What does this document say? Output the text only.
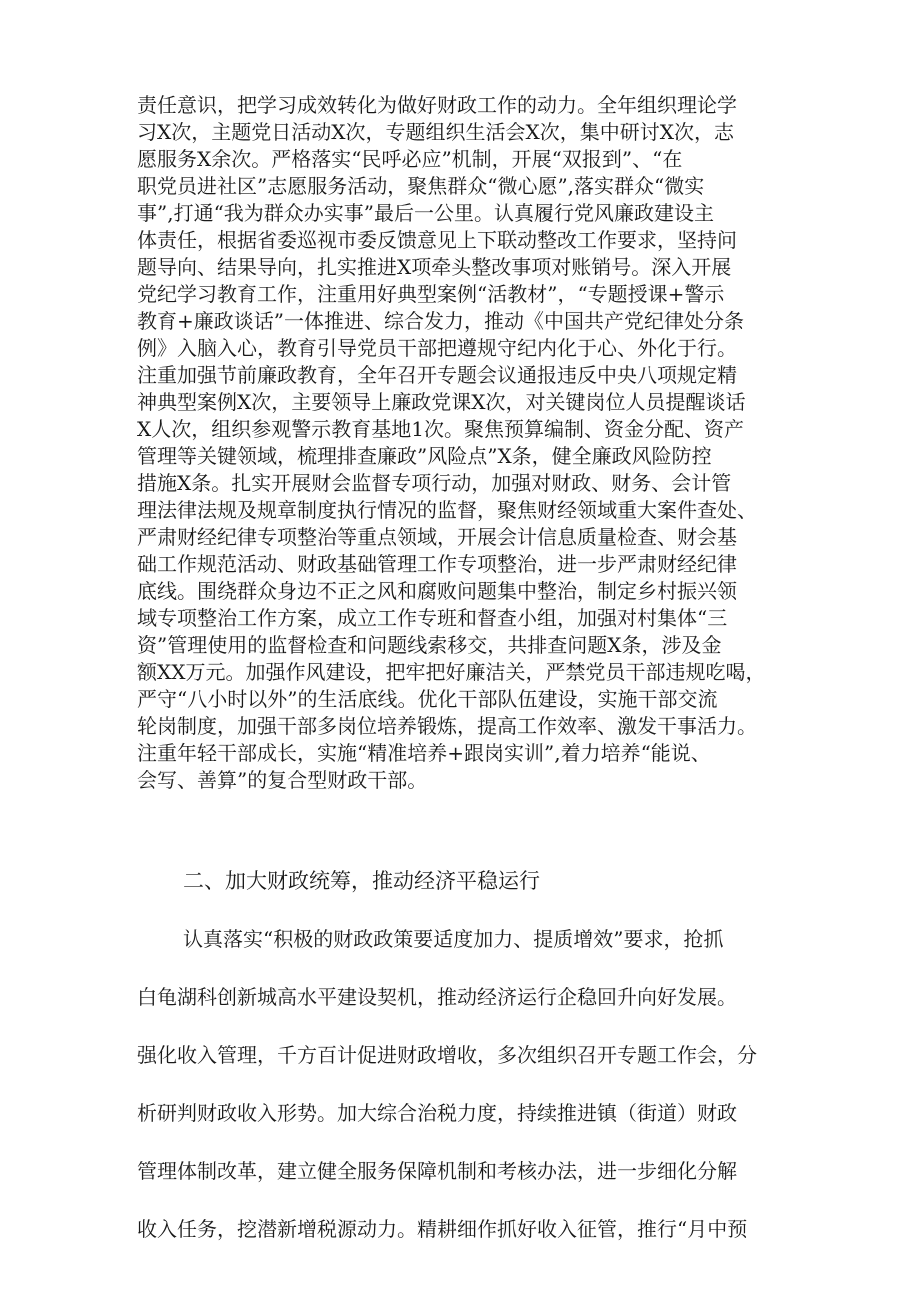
责任意识，把学习成效转化为做好财政工作的动力。全年组织理论学
习X次，主题党日活动X次，专题组织生活会X次，集中研讨X次，志
愿服务X余次。严格落实“民呼必应”机制，开展“双报到”、“在
职党员进社区”志愿服务活动，聚焦群众“微心愿”,落实群众“微实
事”,打通“我为群众办实事”最后一公里。认真履行党风廉政建设主
体责任，根据省委巡视市委反馈意见上下联动整改工作要求，坚持问
题导向、结果导向，扎实推进X项牵头整改事项对账销号。深入开展
党纪学习教育工作，注重用好典型案例“活教材”，“专题授课+警示
教育+廉政谈话”一体推进、综合发力，推动《中国共产党纪律处分条
例》入脑入心，教育引导党员干部把遵规守纪内化于心、外化于行。
注重加强节前廉政教育，全年召开专题会议通报违反中央八项规定精
神典型案例X次，主要领导上廉政党课X次，对关键岗位人员提醒谈话
X人次，组织参观警示教育基地1次。聚焦预算编制、资金分配、资产
管理等关键领域，梳理排查廉政”风险点”X条，健全廉政风险防控
措施X条。扎实开展财会监督专项行动，加强对财政、财务、会计管
理法律法规及规章制度执行情况的监督，聚焦财经领域重大案件查处、
严肃财经纪律专项整治等重点领域，开展会计信息质量检查、财会基
础工作规范活动、财政基础管理工作专项整治，进一步严肃财经纪律
底线。围绕群众身边不正之风和腐败问题集中整治，制定乡村振兴领
域专项整治工作方案，成立工作专班和督查小组，加强对村集体“三
资”管理使用的监督检查和问题线索移交，共排查问题X条，涉及金
额XX万元。加强作风建设，把牢把好廉洁关，严禁党员干部违规吃喝，
严守“八小时以外”的生活底线。优化干部队伍建设，实施干部交流
轮岗制度，加强干部多岗位培养锻炼，提高工作效率、激发干事活力。
注重年轻干部成长，实施“精准培养+跟岗实训”,着力培养“能说、
会写、善算”的复合型财政干部。
二、加大财政统筹，推动经济平稳运行
认真落实“积极的财政政策要适度加力、提质增效”要求，抢抓
白龟湖科创新城高水平建设契机，推动经济运行企稳回升向好发展。
强化收入管理，千方百计促进财政增收，多次组织召开专题工作会，分
析研判财政收入形势。加大综合治税力度，持续推进镇（街道）财政
管理体制改革，建立健全服务保障机制和考核办法，进一步细化分解
收入任务，挖潜新增税源动力。精耕细作抓好收入征管，推行“月中预
